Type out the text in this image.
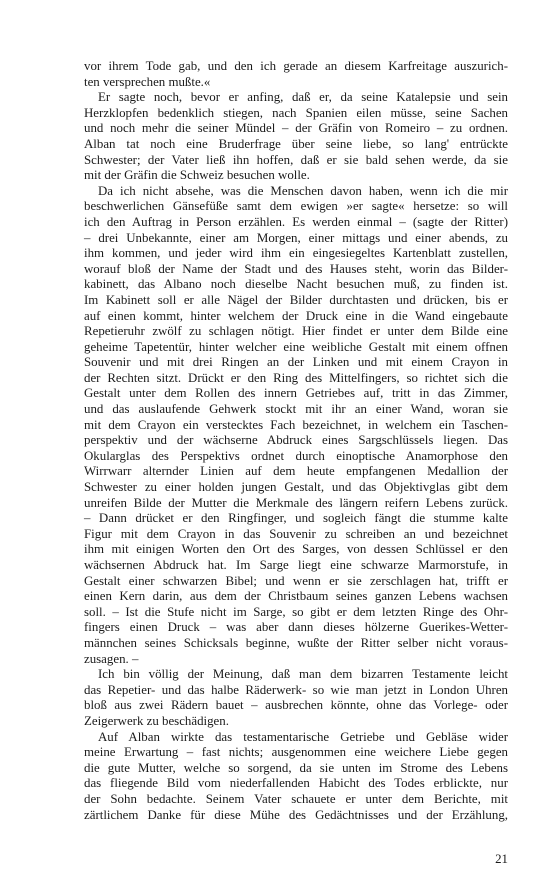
vor ihrem Tode gab, und den ich gerade an diesem Karfreitage auszurich-
ten versprechen mußte.«
Er sagte noch, bevor er anfing, daß er, da seine Katalepsie und sein
Herzklopfen bedenklich stiegen, nach Spanien eilen müsse, seine Sachen
und noch mehr die seiner Mündel – der Gräfin von Romeiro – zu ordnen.
Alban tat noch eine Bruderfrage über seine liebe, so lang' entrückte
Schwester; der Vater ließ ihn hoffen, daß er sie bald sehen werde, da sie
mit der Gräfin die Schweiz besuchen wolle.
Da ich nicht absehe, was die Menschen davon haben, wenn ich die mir
beschwerlichen Gänsefüße samt dem ewigen »er sagte« hersetze: so will
ich den Auftrag in Person erzählen. Es werden einmal – (sagte der Ritter)
– drei Unbekannte, einer am Morgen, einer mittags und einer abends, zu
ihm kommen, und jeder wird ihm ein eingesiegeltes Kartenblatt zustellen,
worauf bloß der Name der Stadt und des Hauses steht, worin das Bilder-
kabinett, das Albano noch dieselbe Nacht besuchen muß, zu finden ist.
Im Kabinett soll er alle Nägel der Bilder durchtasten und drücken, bis er
auf einen kommt, hinter welchem der Druck eine in die Wand eingebaute
Repetieruhr zwölf zu schlagen nötigt. Hier findet er unter dem Bilde eine
geheime Tapetentür, hinter welcher eine weibliche Gestalt mit einem offnen
Souvenir und mit drei Ringen an der Linken und mit einem Crayon in
der Rechten sitzt. Drückt er den Ring des Mittelfingers, so richtet sich die
Gestalt unter dem Rollen des innern Getriebes auf, tritt in das Zimmer,
und das auslaufende Gehwerk stockt mit ihr an einer Wand, woran sie
mit dem Crayon ein verstecktes Fach bezeichnet, in welchem ein Taschen-
perspektiv und der wächserne Abdruck eines Sargschlüssels liegen. Das
Okularglas des Perspektivs ordnet durch einoptische Anamorphose den
Wirrwarr alternder Linien auf dem heute empfangenen Medallion der
Schwester zu einer holden jungen Gestalt, und das Objektivglas gibt dem
unreifen Bilde der Mutter die Merkmale des längern reifern Lebens zurück.
– Dann drücket er den Ringfinger, und sogleich fängt die stumme kalte
Figur mit dem Crayon in das Souvenir zu schreiben an und bezeichnet
ihm mit einigen Worten den Ort des Sarges, von dessen Schlüssel er den
wächsernen Abdruck hat. Im Sarge liegt eine schwarze Marmorstufe, in
Gestalt einer schwarzen Bibel; und wenn er sie zerschlagen hat, trifft er
einen Kern darin, aus dem der Christbaum seines ganzen Lebens wachsen
soll. – Ist die Stufe nicht im Sarge, so gibt er dem letzten Ringe des Ohr-
fingers einen Druck – was aber dann dieses hölzerne Guerikes-Wetter-
männchen seines Schicksals beginne, wußte der Ritter selber nicht voraus-
zusagen. –
Ich bin völlig der Meinung, daß man dem bizarren Testamente leicht
das Repetier- und das halbe Räderwerk- so wie man jetzt in London Uhren
bloß aus zwei Rädern bauet – ausbrechen könnte, ohne das Vorlege- oder
Zeigerwerk zu beschädigen.
Auf Alban wirkte das testamentarische Getriebe und Gebläse wider
meine Erwartung – fast nichts; ausgenommen eine weichere Liebe gegen
die gute Mutter, welche so sorgend, da sie unten im Strome des Lebens
das fliegende Bild vom niederfallenden Habicht des Todes erblickte, nur
der Sohn bedachte. Seinem Vater schauete er unter dem Berichte, mit
zärtlichem Danke für diese Mühe des Gedächtnisses und der Erzählung,
21
